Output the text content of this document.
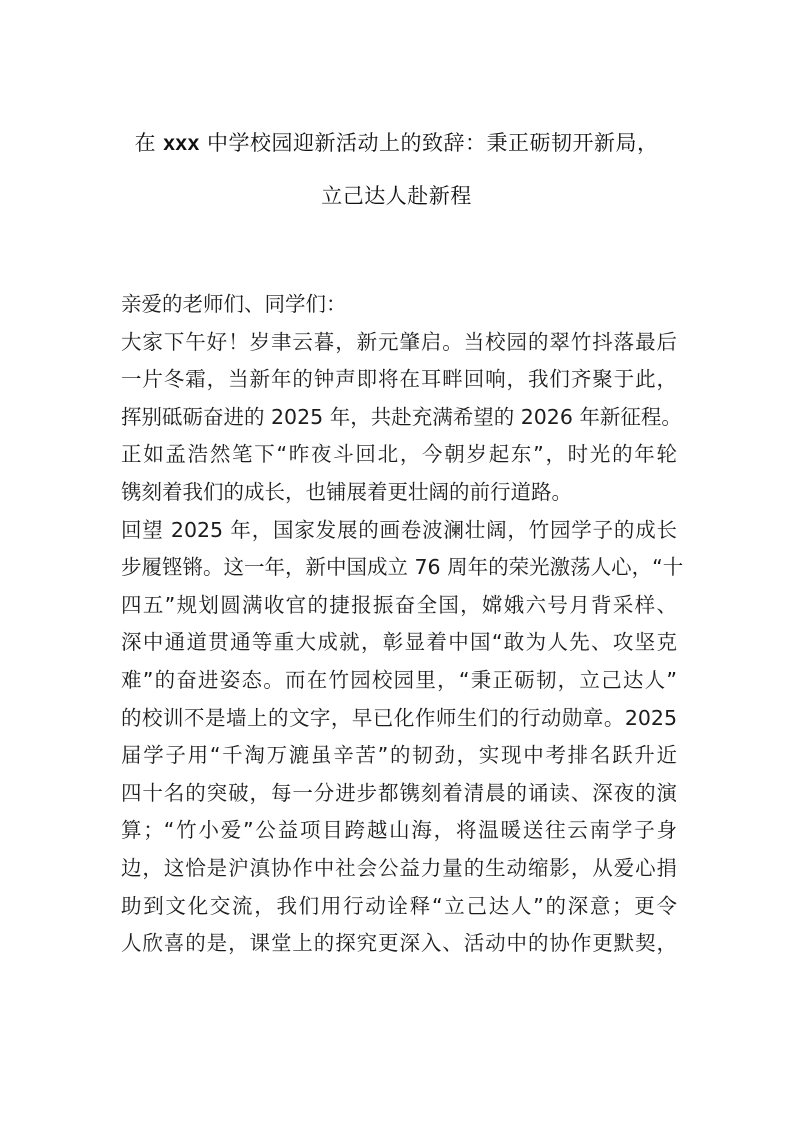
在 xxx 中学校园迎新活动上的致辞：秉正砺韧开新局，
立己达人赴新程
亲爱的老师们、同学们：
大家下午好！岁聿云暮，新元肇启。当校园的翠竹抖落最后
一片冬霜，当新年的钟声即将在耳畔回响，我们齐聚于此，
挥别砥砺奋进的 2025 年，共赴充满希望的 2026 年新征程。
正如孟浩然笔下“昨夜斗回北，今朝岁起东”，时光的年轮
镌刻着我们的成长，也铺展着更壮阔的前行道路。
回望 2025 年，国家发展的画卷波澜壮阔，竹园学子的成长
步履铿锵。这一年，新中国成立 76 周年的荣光激荡人心，“十
四五”规划圆满收官的捷报振奋全国，嫦娥六号月背采样、
深中通道贯通等重大成就，彰显着中国“敢为人先、攻坚克
难”的奋进姿态。而在竹园校园里，“秉正砺韧，立己达人”
的校训不是墙上的文字，早已化作师生们的行动勋章。2025
届学子用“千淘万漉虽辛苦”的韧劲，实现中考排名跃升近
四十名的突破，每一分进步都镌刻着清晨的诵读、深夜的演
算；“竹小爱”公益项目跨越山海，将温暖送往云南学子身
边，这恰是沪滇协作中社会公益力量的生动缩影，从爱心捐
助到文化交流，我们用行动诠释“立己达人”的深意；更令
人欣喜的是，课堂上的探究更深入、活动中的协作更默契，
